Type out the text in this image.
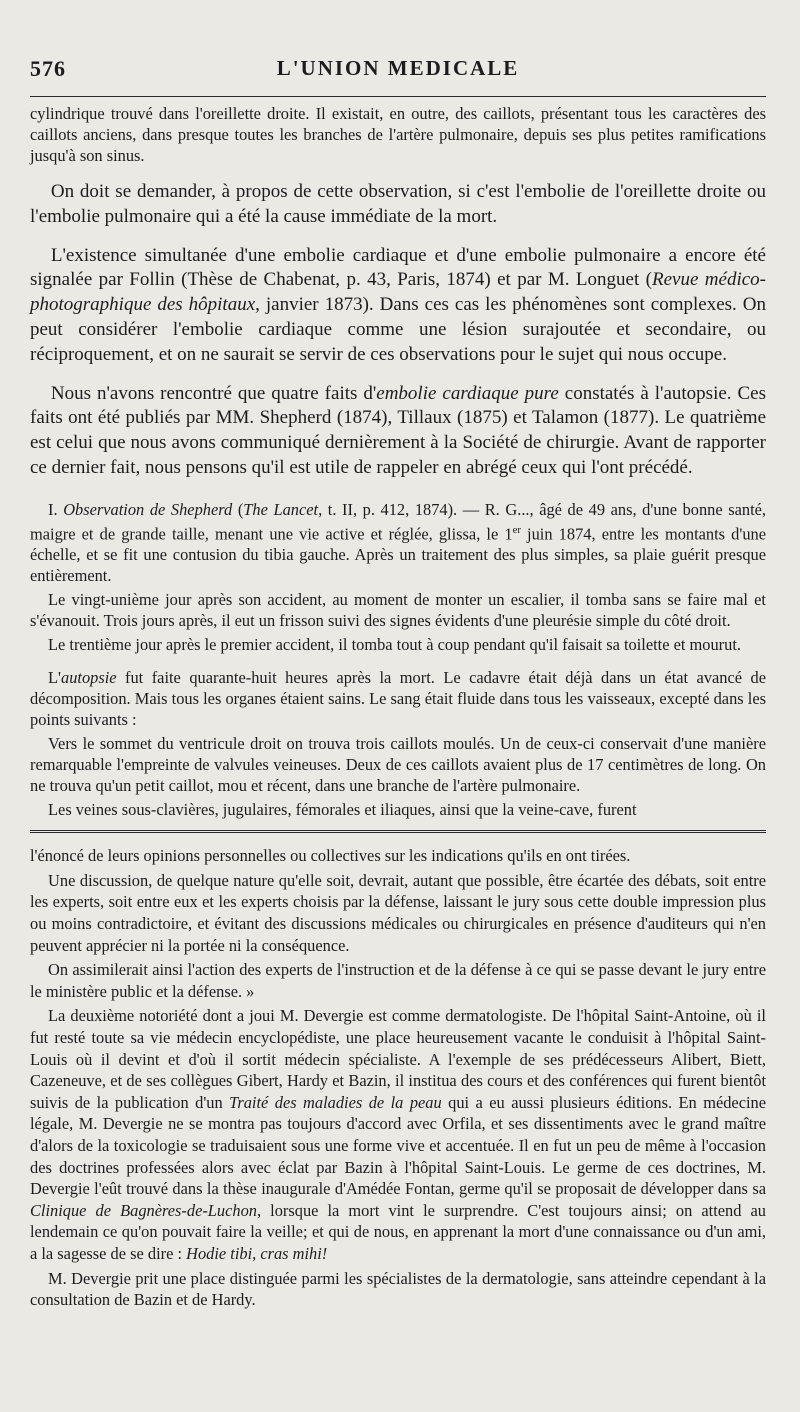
576	L'UNION MEDICALE

cylindrique trouvé dans l'oreillette droite. Il existait, en outre, des caillots, présentant tous les caractères des caillots anciens, dans presque toutes les branches de l'artère pulmonaire, depuis ses plus petites ramifications jusqu'à son sinus.

On doit se demander, à propos de cette observation, si c'est l'embolie de l'oreillette droite ou l'embolie pulmonaire qui a été la cause immédiate de la mort.

L'existence simultanée d'une embolie cardiaque et d'une embolie pulmonaire a encore été signalée par Follin (Thèse de Chabenat, p. 43, Paris, 1874) et par M. Longuet (Revue médico-photographique des hôpitaux, janvier 1873). Dans ces cas les phénomènes sont complexes. On peut considérer l'embolie cardiaque comme une lésion surajoutée et secondaire, ou réciproquement, et on ne saurait se servir de ces observations pour le sujet qui nous occupe.

Nous n'avons rencontré que quatre faits d'embolie cardiaque pure constatés à l'autopsie. Ces faits ont été publiés par MM. Shepherd (1874), Tillaux (1875) et Talamon (1877). Le quatrième est celui que nous avons communiqué dernièrement à la Société de chirurgie. Avant de rapporter ce dernier fait, nous pensons qu'il est utile de rappeler en abrégé ceux qui l'ont précédé.

I. Observation de Shepherd (The Lancet, t. II, p. 412, 1874). — R. G..., âgé de 49 ans, d'une bonne santé, maigre et de grande taille, menant une vie active et réglée, glissa, le 1er juin 1874, entre les montants d'une échelle, et se fit une contusion du tibia gauche. Après un traitement des plus simples, sa plaie guérit presque entièrement.

Le vingt-unième jour après son accident, au moment de monter un escalier, il tomba sans se faire mal et s'évanouit. Trois jours après, il eut un frisson suivi des signes évidents d'une pleurésie simple du côté droit.

Le trentième jour après le premier accident, il tomba tout à coup pendant qu'il faisait sa toilette et mourut.

L'autopsie fut faite quarante-huit heures après la mort. Le cadavre était déjà dans un état avancé de décomposition. Mais tous les organes étaient sains. Le sang était fluide dans tous les vaisseaux, excepté dans les points suivants :

Vers le sommet du ventricule droit on trouva trois caillots moulés. Un de ceux-ci conservait d'une manière remarquable l'empreinte de valvules veineuses. Deux de ces caillots avaient plus de 17 centimètres de long. On ne trouva qu'un petit caillot, mou et récent, dans une branche de l'artère pulmonaire.

Les veines sous-clavières, jugulaires, fémorales et iliaques, ainsi que la veine-cave, furent

l'énoncé de leurs opinions personnelles ou collectives sur les indications qu'ils en ont tirées.

Une discussion, de quelque nature qu'elle soit, devrait, autant que possible, être écartée des débats, soit entre les experts, soit entre eux et les experts choisis par la défense, laissant le jury sous cette double impression plus ou moins contradictoire, et évitant des discussions médicales ou chirurgicales en présence d'auditeurs qui n'en peuvent apprécier ni la portée ni la conséquence.

On assimilerait ainsi l'action des experts de l'instruction et de la défense à ce qui se passe devant le jury entre le ministère public et la défense. »

La deuxième notoriété dont a joui M. Devergie est comme dermatologiste. De l'hôpital Saint-Antoine, où il fut resté toute sa vie médecin encyclopédiste, une place heureusement vacante le conduisit à l'hôpital Saint-Louis où il devint et d'où il sortit médecin spécialiste. A l'exemple de ses prédécesseurs Alibert, Biett, Cazeneuve, et de ses collègues Gibert, Hardy et Bazin, il institua des cours et des conférences qui furent bientôt suivis de la publication d'un Traité des maladies de la peau qui a eu aussi plusieurs éditions. En médecine légale, M. Devergie ne se montra pas toujours d'accord avec Orfila, et ses dissentiments avec le grand maître d'alors de la toxicologie se traduisaient sous une forme vive et accentuée. Il en fut un peu de même à l'occasion des doctrines professées alors avec éclat par Bazin à l'hôpital Saint-Louis. Le germe de ces doctrines, M. Devergie l'eût trouvé dans la thèse inaugurale d'Amédée Fontan, germe qu'il se proposait de développer dans sa Clinique de Bagnères-de-Luchon, lorsque la mort vint le surprendre. C'est toujours ainsi; on attend au lendemain ce qu'on pouvait faire la veille; et qui de nous, en apprenant la mort d'une connaissance ou d'un ami, a la sagesse de se dire : Hodie tibi, cras mihi!

M. Devergie prit une place distinguée parmi les spécialistes de la dermatologie, sans atteindre cependant à la consultation de Bazin et de Hardy.
